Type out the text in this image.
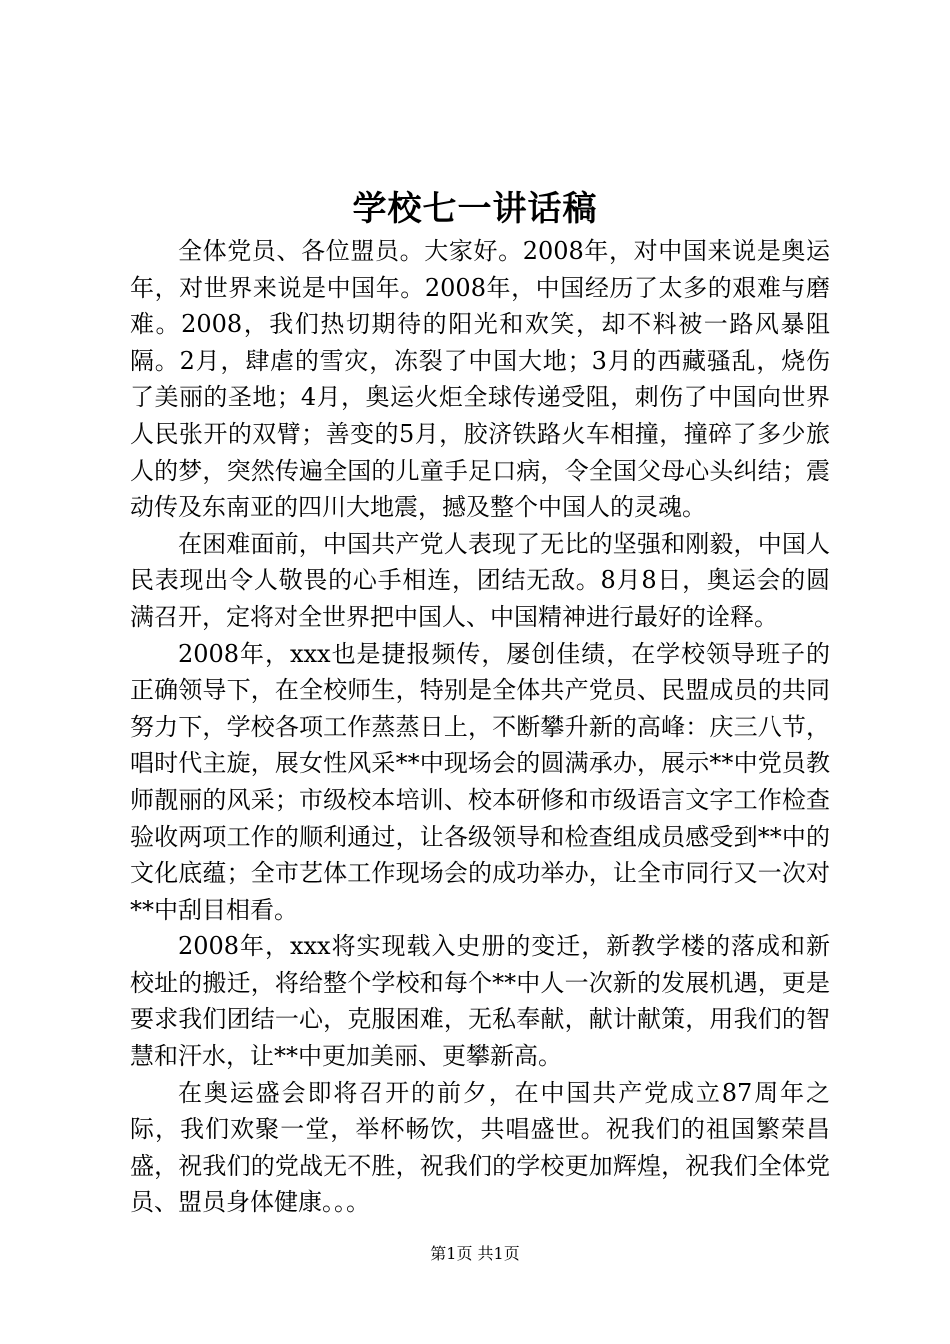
学校七一讲话稿

全体党员、各位盟员。大家好。2008年，对中国来说是奥运年，对世界来说是中国年。2008年，中国经历了太多的艰难与磨难。2008，我们热切期待的阳光和欢笑，却不料被一路风暴阻隔。2月，肆虐的雪灾，冻裂了中国大地；3月的西藏骚乱，烧伤了美丽的圣地；4月，奥运火炬全球传递受阻，刺伤了中国向世界人民张开的双臂；善变的5月，胶济铁路火车相撞，撞碎了多少旅人的梦，突然传遍全国的儿童手足口病，令全国父母心头纠结；震动传及东南亚的四川大地震，撼及整个中国人的灵魂。

在困难面前，中国共产党人表现了无比的坚强和刚毅，中国人民表现出令人敬畏的心手相连，团结无敌。8月8日，奥运会的圆满召开，定将对全世界把中国人、中国精神进行最好的诠释。

2008年，xxx也是捷报频传，屡创佳绩，在学校领导班子的正确领导下，在全校师生，特别是全体共产党员、民盟成员的共同努力下，学校各项工作蒸蒸日上，不断攀升新的高峰：庆三八节，唱时代主旋，展女性风采**中现场会的圆满承办，展示**中党员教师靓丽的风采；市级校本培训、校本研修和市级语言文字工作检查验收两项工作的顺利通过，让各级领导和检查组成员感受到**中的文化底蕴；全市艺体工作现场会的成功举办，让全市同行又一次对**中刮目相看。

2008年，xxx将实现载入史册的变迁，新教学楼的落成和新校址的搬迁，将给整个学校和每个**中人一次新的发展机遇，更是要求我们团结一心，克服困难，无私奉献，献计献策，用我们的智慧和汗水，让**中更加美丽、更攀新高。

在奥运盛会即将召开的前夕，在中国共产党成立87周年之际，我们欢聚一堂，举杯畅饮，共唱盛世。祝我们的祖国繁荣昌盛，祝我们的党战无不胜，祝我们的学校更加辉煌，祝我们全体党员、盟员身体健康。。。

第1页 共1页
